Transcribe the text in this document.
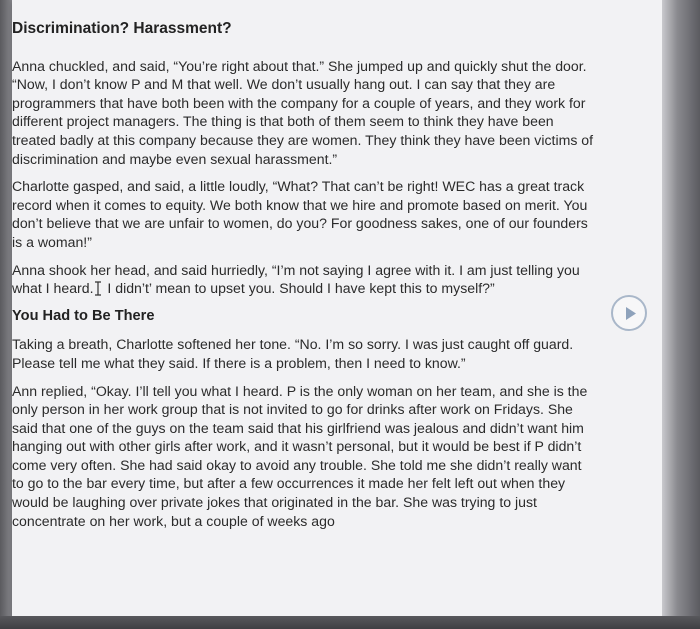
Discrimination? Harassment?

Anna chuckled, and said, “You’re right about that.” She jumped up and quickly shut the door. “Now, I don’t know P and M that well. We don’t usually hang out. I can say that they are programmers that have both been with the company for a couple of years, and they work for different project managers. The thing is that both of them seem to think they have been treated badly at this company because they are women. They think they have been victims of discrimination and maybe even sexual harassment.”

Charlotte gasped, and said, a little loudly, “What? That can’t be right! WEC has a great track record when it comes to equity. We both know that we hire and promote based on merit. You don’t believe that we are unfair to women, do you? For goodness sakes, one of our founders is a woman!”

Anna shook her head, and said hurriedly, “I’m not saying I agree with it. I am just telling you what I heard. I didn’t’ mean to upset you. Should I have kept this to myself?”

You Had to Be There

Taking a breath, Charlotte softened her tone. “No. I’m so sorry. I was just caught off guard. Please tell me what they said. If there is a problem, then I need to know.”

Ann replied, “Okay. I’ll tell you what I heard. P is the only woman on her team, and she is the only person in her work group that is not invited to go for drinks after work on Fridays. She said that one of the guys on the team said that his girlfriend was jealous and didn’t want him hanging out with other girls after work, and it wasn’t personal, but it would be best if P didn’t come very often. She had said okay to avoid any trouble. She told me she didn’t really want to go to the bar every time, but after a few occurrences it made her felt left out when they would be laughing over private jokes that originated in the bar. She was trying to just concentrate on her work, but a couple of weeks ago
